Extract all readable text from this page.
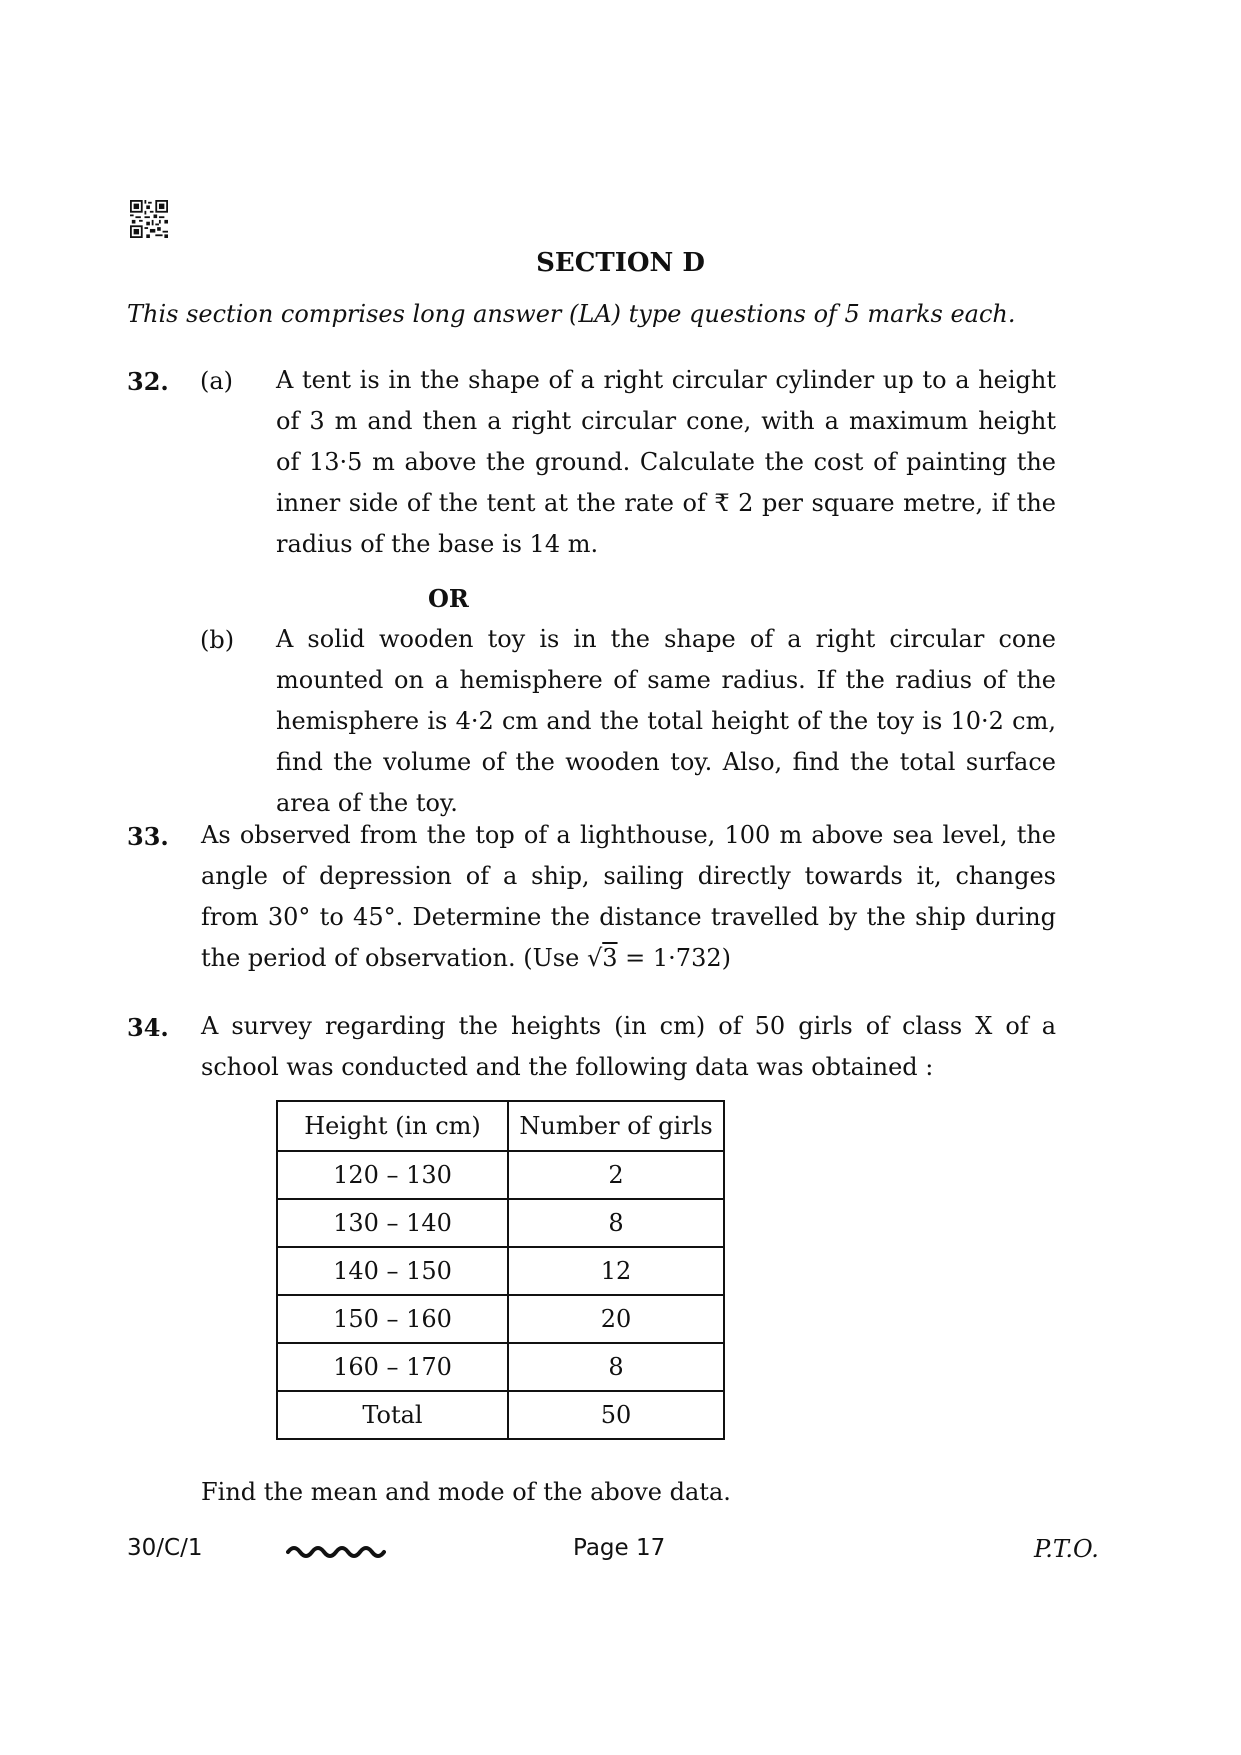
SECTION D
This section comprises long answer (LA) type questions of 5 marks each.
32. (a) A tent is in the shape of a right circular cylinder up to a height of 3 m and then a right circular cone, with a maximum height of 13·5 m above the ground. Calculate the cost of painting the inner side of the tent at the rate of ₹ 2 per square metre, if the radius of the base is 14 m.
OR
(b) A solid wooden toy is in the shape of a right circular cone mounted on a hemisphere of same radius. If the radius of the hemisphere is 4·2 cm and the total height of the toy is 10·2 cm, find the volume of the wooden toy. Also, find the total surface area of the toy.
33. As observed from the top of a lighthouse, 100 m above sea level, the angle of depression of a ship, sailing directly towards it, changes from 30° to 45°. Determine the distance travelled by the ship during the period of observation. (Use √3 = 1·732)
34. A survey regarding the heights (in cm) of 50 girls of class X of a school was conducted and the following data was obtained :
Height (in cm)	Number of girls
120 – 130	2
130 – 140	8
140 – 150	12
150 – 160	20
160 – 170	8
Total	50
Find the mean and mode of the above data.
30/C/1	Page 17	P.T.O.
